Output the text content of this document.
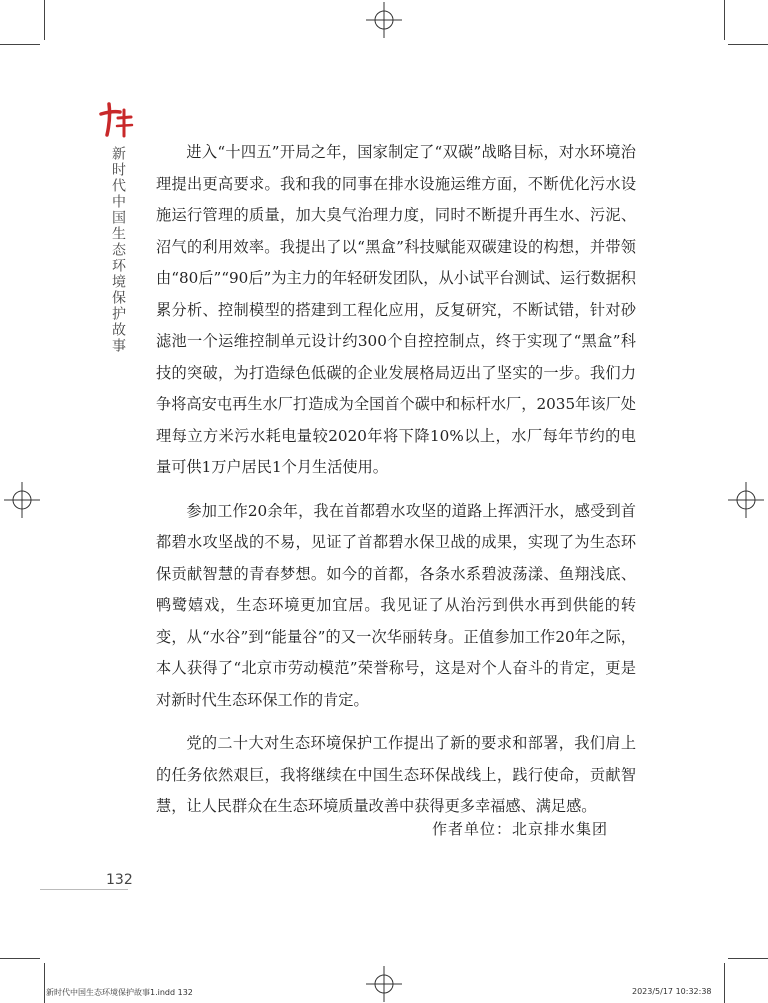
新时代中国生态环境保护故事	进入“十四五”开局之年，国家制定了“双碳”战略目标，对水环境治理提出更高要求。我和我的同事在排水设施运维方面，不断优化污水设施运行管理的质量，加大臭气治理力度，同时不断提升再生水、污泥、沼气的利用效率。我提出了以“黑盒”科技赋能双碳建设的构想，并带领由“80后”“90后”为主力的年轻研发团队，从小试平台测试、运行数据积累分析、控制模型的搭建到工程化应用，反复研究，不断试错，针对砂滤池一个运维控制单元设计约300个自控控制点，终于实现了“黑盒”科技的突破，为打造绿色低碳的企业发展格局迈出了坚实的一步。我们力争将高安屯再生水厂打造成为全国首个碳中和标杆水厂，2035年该厂处理每立方米污水耗电量较2020年将下降10%以上，水厂每年节约的电量可供1万户居民1个月生活使用。

参加工作20余年，我在首都碧水攻坚的道路上挥洒汗水，感受到首都碧水攻坚战的不易，见证了首都碧水保卫战的成果，实现了为生态环保贡献智慧的青春梦想。如今的首都，各条水系碧波荡漾、鱼翔浅底、鸭鹭嬉戏，生态环境更加宜居。我见证了从治污到供水再到供能的转变，从“水谷”到“能量谷”的又一次华丽转身。正值参加工作20年之际，本人获得了“北京市劳动模范”荣誉称号，这是对个人奋斗的肯定，更是对新时代生态环保工作的肯定。

党的二十大对生态环境保护工作提出了新的要求和部署，我们肩上的任务依然艰巨，我将继续在中国生态环保战线上，践行使命，贡献智慧，让人民群众在生态环境质量改善中获得更多幸福感、满足感。

作者单位：北京排水集团
132
新时代中国生态环境保护故事1.indd 132	2023/5/17 10:32:38
